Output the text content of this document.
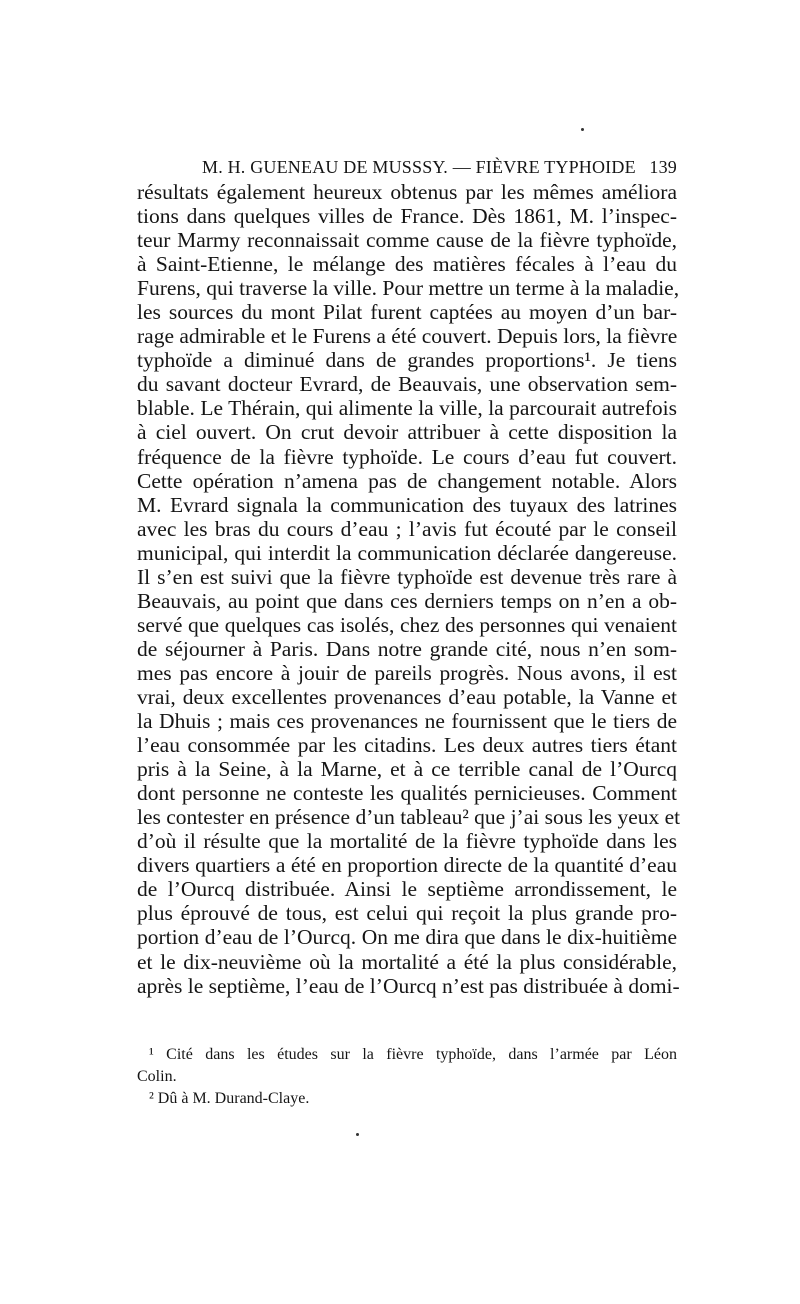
M. H. GUENEAU DE MUSSSY. — FIÈVRE TYPHOIDE 139
résultats également heureux obtenus par les mêmes améliora
tions dans quelques villes de France. Dès 1861, M. l’inspec-
teur Marmy reconnaissait comme cause de la fièvre typhoïde,
à Saint-Etienne, le mélange des matières fécales à l’eau du
Furens, qui traverse la ville. Pour mettre un terme à la maladie,
les sources du mont Pilat furent captées au moyen d’un bar-
rage admirable et le Furens a été couvert. Depuis lors, la fièvre
typhoïde a diminué dans de grandes proportions¹. Je tiens
du savant docteur Evrard, de Beauvais, une observation sem-
blable. Le Thérain, qui alimente la ville, la parcourait autrefois
à ciel ouvert. On crut devoir attribuer à cette disposition la
fréquence de la fièvre typhoïde. Le cours d’eau fut couvert.
Cette opération n’amena pas de changement notable. Alors
M. Evrard signala la communication des tuyaux des latrines
avec les bras du cours d’eau ; l’avis fut écouté par le conseil
municipal, qui interdit la communication déclarée dangereuse.
Il s’en est suivi que la fièvre typhoïde est devenue très rare à
Beauvais, au point que dans ces derniers temps on n’en a ob-
servé que quelques cas isolés, chez des personnes qui venaient
de séjourner à Paris. Dans notre grande cité, nous n’en som-
mes pas encore à jouir de pareils progrès. Nous avons, il est
vrai, deux excellentes provenances d’eau potable, la Vanne et
la Dhuis ; mais ces provenances ne fournissent que le tiers de
l’eau consommée par les citadins. Les deux autres tiers étant
pris à la Seine, à la Marne, et à ce terrible canal de l’Ourcq
dont personne ne conteste les qualités pernicieuses. Comment
les contester en présence d’un tableau² que j’ai sous les yeux et
d’où il résulte que la mortalité de la fièvre typhoïde dans les
divers quartiers a été en proportion directe de la quantité d’eau
de l’Ourcq distribuée. Ainsi le septième arrondissement, le
plus éprouvé de tous, est celui qui reçoit la plus grande pro-
portion d’eau de l’Ourcq. On me dira que dans le dix-huitième
et le dix-neuvième où la mortalité a été la plus considérable,
après le septième, l’eau de l’Ourcq n’est pas distribuée à domi-
¹ Cité dans les études sur la fièvre typhoïde, dans l’armée par Léon
Colin.
² Dû à M. Durand-Claye.
